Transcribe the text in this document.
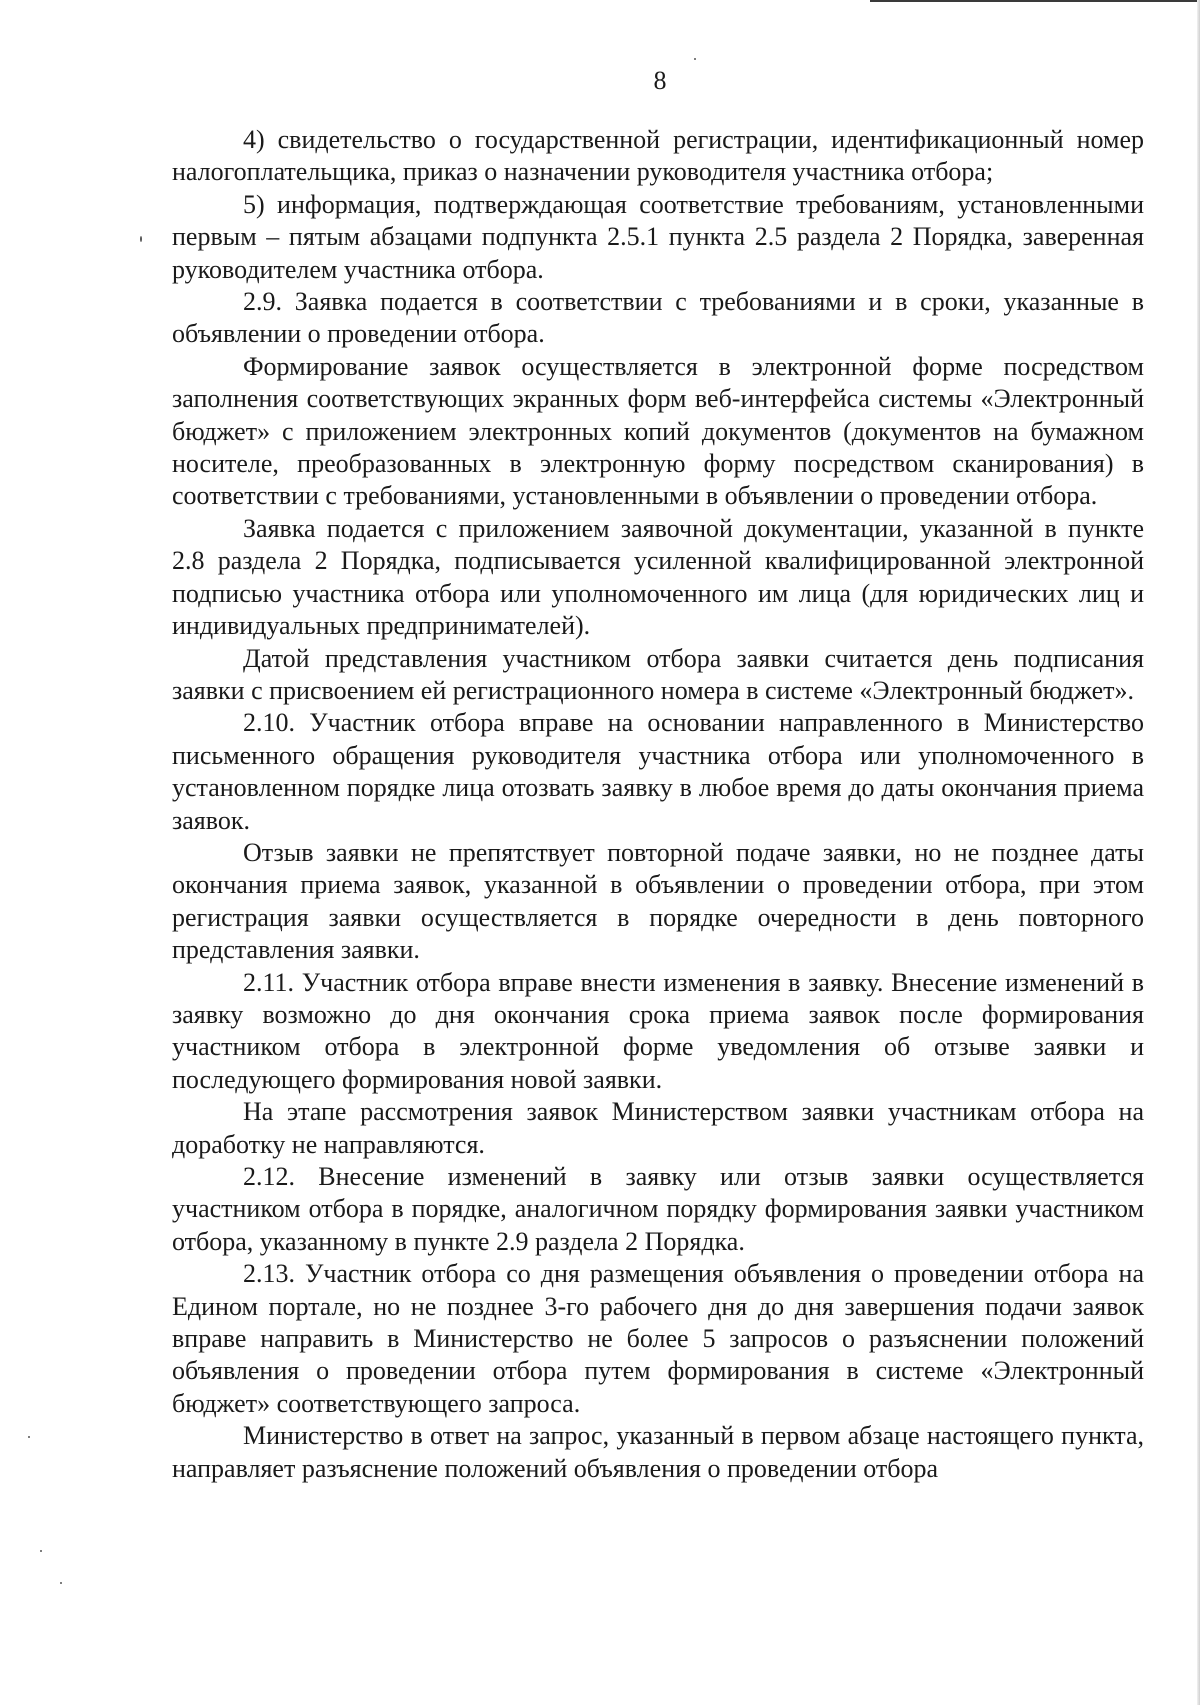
8

4) свидетельство о государственной регистрации, идентификационный номер налогоплательщика, приказ о назначении руководителя участника отбора;

5) информация, подтверждающая соответствие требованиям, установленными первым – пятым абзацами подпункта 2.5.1 пункта 2.5 раздела 2 Порядка, заверенная руководителем участника отбора.

2.9. Заявка подается в соответствии с требованиями и в сроки, указанные в объявлении о проведении отбора.

Формирование заявок осуществляется в электронной форме посредством заполнения соответствующих экранных форм веб-интерфейса системы «Электронный бюджет» с приложением электронных копий документов (документов на бумажном носителе, преобразованных в электронную форму посредством сканирования) в соответствии с требованиями, установленными в объявлении о проведении отбора.

Заявка подается с приложением заявочной документации, указанной в пункте 2.8 раздела 2 Порядка, подписывается усиленной квалифицированной электронной подписью участника отбора или уполномоченного им лица (для юридических лиц и индивидуальных предпринимателей).

Датой представления участником отбора заявки считается день подписания заявки с присвоением ей регистрационного номера в системе «Электронный бюджет».

2.10. Участник отбора вправе на основании направленного в Министерство письменного обращения руководителя участника отбора или уполномоченного в установленном порядке лица отозвать заявку в любое время до даты окончания приема заявок.

Отзыв заявки не препятствует повторной подаче заявки, но не позднее даты окончания приема заявок, указанной в объявлении о проведении отбора, при этом регистрация заявки осуществляется в порядке очередности в день повторного представления заявки.

2.11. Участник отбора вправе внести изменения в заявку. Внесение изменений в заявку возможно до дня окончания срока приема заявок после формирования участником отбора в электронной форме уведомления об отзыве заявки и последующего формирования новой заявки.

На этапе рассмотрения заявок Министерством заявки участникам отбора на доработку не направляются.

2.12. Внесение изменений в заявку или отзыв заявки осуществляется участником отбора в порядке, аналогичном порядку формирования заявки участником отбора, указанному в пункте 2.9 раздела 2 Порядка.

2.13. Участник отбора со дня размещения объявления о проведении отбора на Едином портале, но не позднее 3-го рабочего дня до дня завершения подачи заявок вправе направить в Министерство не более 5 запросов о разъяснении положений объявления о проведении отбора путем формирования в системе «Электронный бюджет» соответствующего запроса.

Министерство в ответ на запрос, указанный в первом абзаце настоящего пункта, направляет разъяснение положений объявления о проведении отбора
